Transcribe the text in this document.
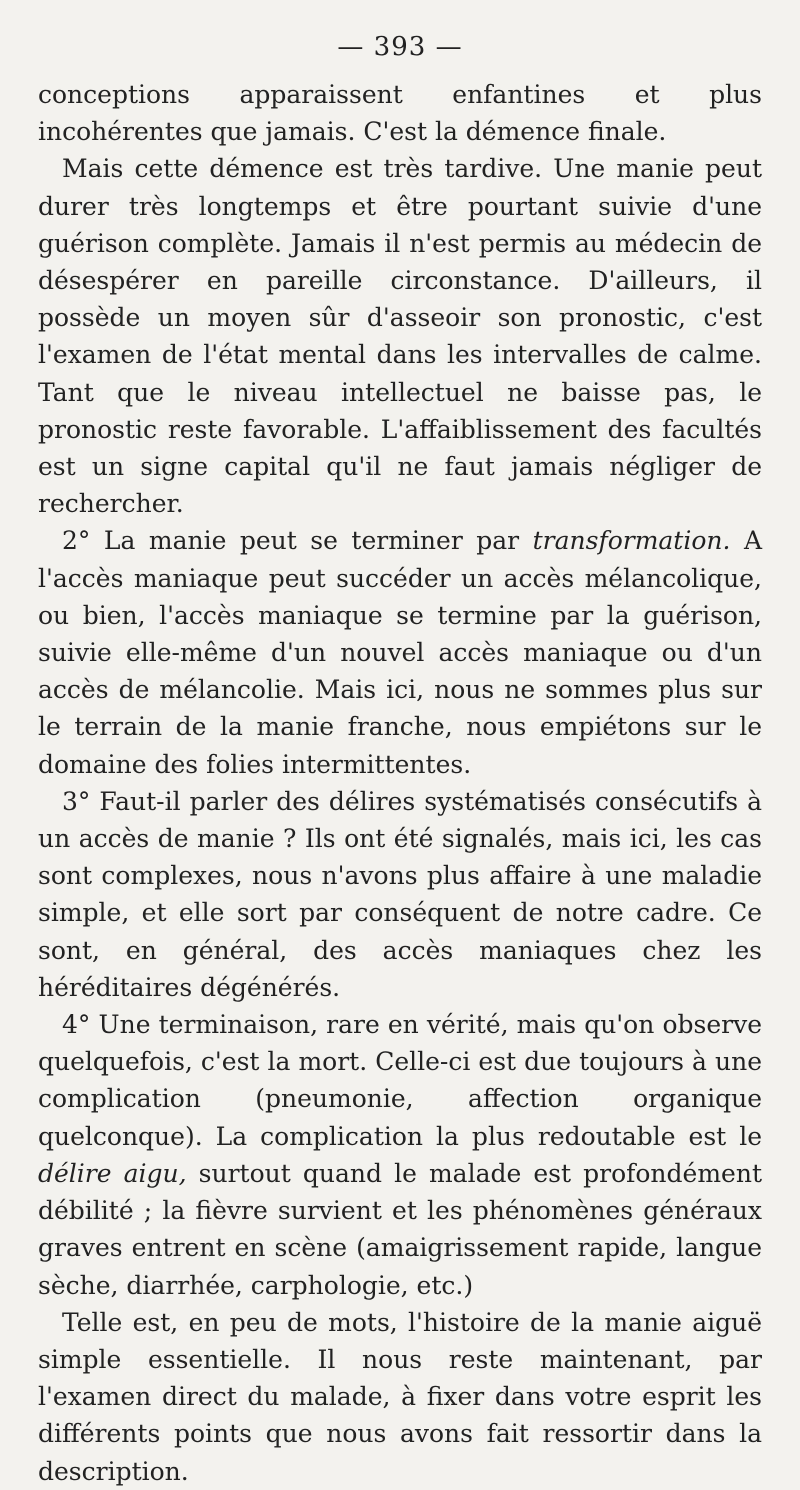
— 393 —

conceptions apparaissent enfantines et plus incohérentes que jamais. C'est la démence finale.

Mais cette démence est très tardive. Une manie peut durer très longtemps et être pourtant suivie d'une guérison complète. Jamais il n'est permis au médecin de désespérer en pareille circonstance. D'ailleurs, il possède un moyen sûr d'asseoir son pronostic, c'est l'examen de l'état mental dans les intervalles de calme. Tant que le niveau intellectuel ne baisse pas, le pronostic reste favorable. L'affaiblissement des facultés est un signe capital qu'il ne faut jamais négliger de rechercher.

2° La manie peut se terminer par transformation. A l'accès maniaque peut succéder un accès mélancolique, ou bien, l'accès maniaque se termine par la guérison, suivie elle-même d'un nouvel accès maniaque ou d'un accès de mélancolie. Mais ici, nous ne sommes plus sur le terrain de la manie franche, nous empiétons sur le domaine des folies intermittentes.

3° Faut-il parler des délires systématisés consécutifs à un accès de manie ? Ils ont été signalés, mais ici, les cas sont complexes, nous n'avons plus affaire à une maladie simple, et elle sort par conséquent de notre cadre. Ce sont, en général, des accès maniaques chez les héréditaires dégénérés.

4° Une terminaison, rare en vérité, mais qu'on observe quelquefois, c'est la mort. Celle-ci est due toujours à une complication (pneumonie, affection organique quelconque). La complication la plus redoutable est le délire aigu, surtout quand le malade est profondément débilité ; la fièvre survient et les phénomènes généraux graves entrent en scène (amaigrissement rapide, langue sèche, diarrhée, carphologie, etc.)

Telle est, en peu de mots, l'histoire de la manie aiguë simple essentielle. Il nous reste maintenant, par l'examen direct du malade, à fixer dans votre esprit les différents points que nous avons fait ressortir dans la description.
